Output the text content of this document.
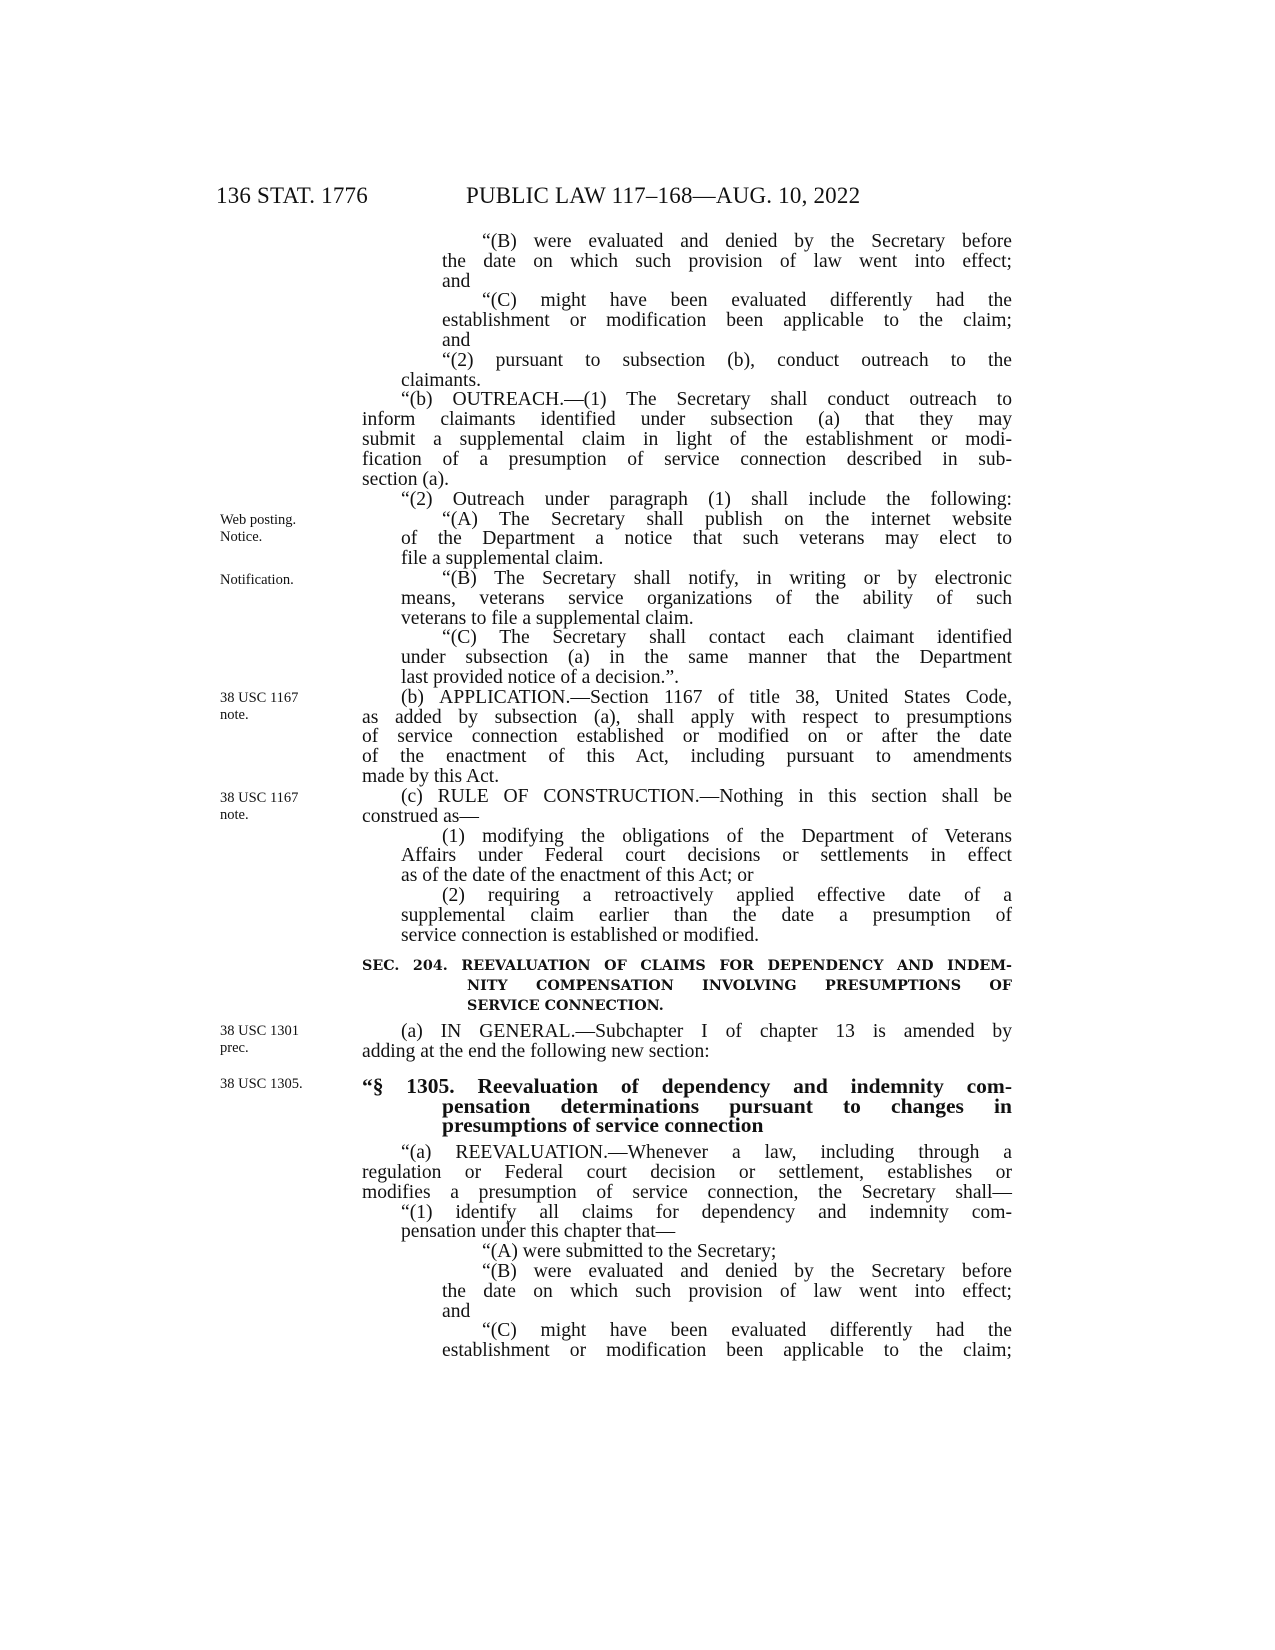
136 STAT. 1776	PUBLIC LAW 117–168—AUG. 10, 2022
Web posting.
Notice.
Notification.
38 USC 1167
note.
38 USC 1167
note.
38 USC 1301
prec.
38 USC 1305.
“(B) were evaluated and denied by the Secretary before
the date on which such provision of law went into effect;
and
“(C) might have been evaluated differently had the
establishment or modification been applicable to the claim;
and
“(2) pursuant to subsection (b), conduct outreach to the
claimants.
“(b) OUTREACH.—(1) The Secretary shall conduct outreach to
inform claimants identified under subsection (a) that they may
submit a supplemental claim in light of the establishment or modi-
fication of a presumption of service connection described in sub-
section (a).
“(2) Outreach under paragraph (1) shall include the following:
“(A) The Secretary shall publish on the internet website
of the Department a notice that such veterans may elect to
file a supplemental claim.
“(B) The Secretary shall notify, in writing or by electronic
means, veterans service organizations of the ability of such
veterans to file a supplemental claim.
“(C) The Secretary shall contact each claimant identified
under subsection (a) in the same manner that the Department
last provided notice of a decision.”.
(b) APPLICATION.—Section 1167 of title 38, United States Code,
as added by subsection (a), shall apply with respect to presumptions
of service connection established or modified on or after the date
of the enactment of this Act, including pursuant to amendments
made by this Act.
(c) RULE OF CONSTRUCTION.—Nothing in this section shall be
construed as—
(1) modifying the obligations of the Department of Veterans
Affairs under Federal court decisions or settlements in effect
as of the date of the enactment of this Act; or
(2) requiring a retroactively applied effective date of a
supplemental claim earlier than the date a presumption of
service connection is established or modified.
SEC. 204. REEVALUATION OF CLAIMS FOR DEPENDENCY AND INDEM-
NITY COMPENSATION INVOLVING PRESUMPTIONS OF
SERVICE CONNECTION.
(a) IN GENERAL.—Subchapter I of chapter 13 is amended by
adding at the end the following new section:
“§ 1305. Reevaluation of dependency and indemnity com-
pensation determinations pursuant to changes in
presumptions of service connection
“(a) REEVALUATION.—Whenever a law, including through a
regulation or Federal court decision or settlement, establishes or
modifies a presumption of service connection, the Secretary shall—
“(1) identify all claims for dependency and indemnity com-
pensation under this chapter that—
“(A) were submitted to the Secretary;
“(B) were evaluated and denied by the Secretary before
the date on which such provision of law went into effect;
and
“(C) might have been evaluated differently had the
establishment or modification been applicable to the claim;
